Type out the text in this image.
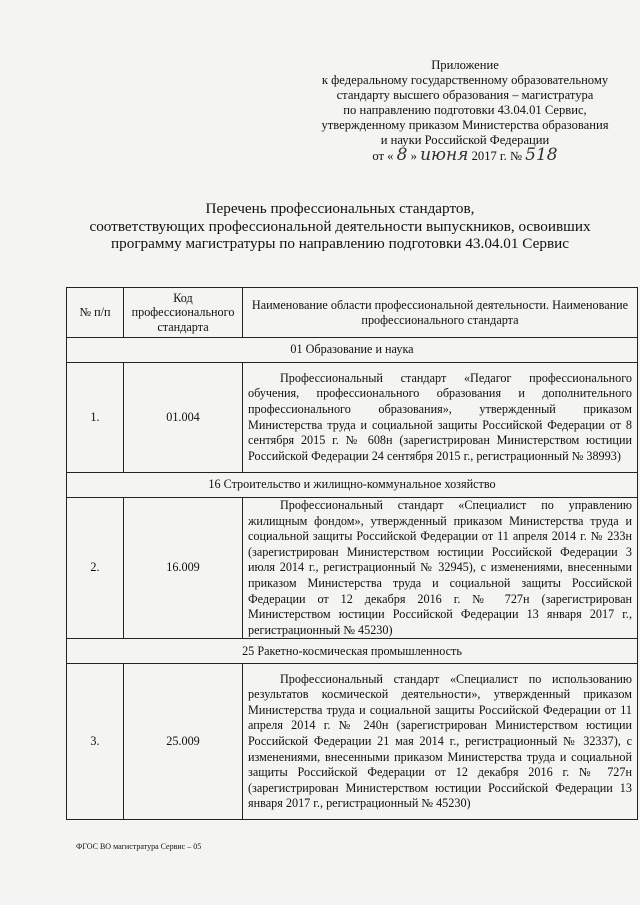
Приложение
к федеральному государственному образовательному
стандарту высшего образования – магистратура
по направлению подготовки 43.04.01 Сервис,
утвержденному приказом Министерства образования
и науки Российской Федерации
от « 8 » июня 2017 г. № 518
Перечень профессиональных стандартов,
соответствующих профессиональной деятельности выпускников, освоивших
программу магистратуры по направлению подготовки 43.04.01 Сервис
№ п/п	Код профессионального стандарта	Наименование области профессиональной деятельности. Наименование профессионального стандарта
01 Образование и наука		
1.	01.004	Профессиональный стандарт «Педагог профессионального обучения, профессионального образования и дополнительного профессионального образования», утвержденный приказом Министерства труда и социальной защиты Российской Федерации от 8 сентября 2015 г. № 608н (зарегистрирован Министерством юстиции Российской Федерации 24 сентября 2015 г., регистрационный № 38993)

16 Строительство и жилищно-коммунальное хозяйство		
2.	16.009	Профессиональный стандарт «Специалист по управлению жилищным фондом», утвержденный приказом Министерства труда и социальной защиты Российской Федерации от 11 апреля 2014 г. № 233н (зарегистрирован Министерством юстиции Российской Федерации 3 июля 2014 г., регистрационный № 32945), с изменениями, внесенными приказом Министерства труда и социальной защиты Российской Федерации от 12 декабря 2016 г. № 727н (зарегистрирован Министерством юстиции Российской Федерации 13 января 2017 г., регистрационный № 45230)

25 Ракетно-космическая промышленность		
3.	25.009	Профессиональный стандарт «Специалист по использованию результатов космической деятельности», утвержденный приказом Министерства труда и социальной защиты Российской Федерации от 11 апреля 2014 г. № 240н (зарегистрирован Министерством юстиции Российской Федерации 21 мая 2014 г., регистрационный № 32337), с изменениями, внесенными приказом Министерства труда и социальной защиты Российской Федерации от 12 декабря 2016 г. № 727н (зарегистрирован Министерством юстиции Российской Федерации 13 января 2017 г., регистрационный № 45230)
ФГОС ВО магистратура Сервис – 05
